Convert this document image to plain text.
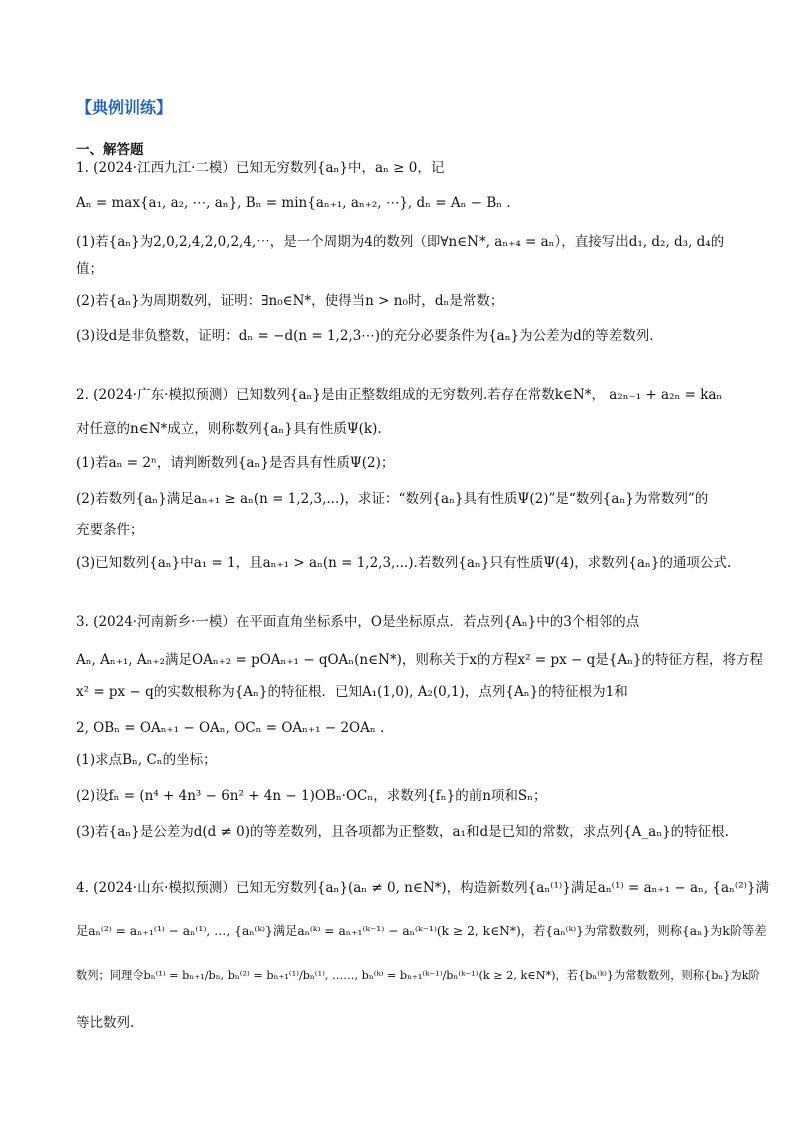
【典例训练】
一、解答题
1. (2024·江西九江·二模）已知无穷数列{aₙ}中，aₙ ≥ 0，记
Aₙ = max{a₁, a₂, ⋯, aₙ}, Bₙ = min{aₙ₊₁, aₙ₊₂, ⋯}, dₙ = Aₙ − Bₙ .
(1)若{aₙ}为2,0,2,4,2,0,2,4,⋯，是一个周期为4的数列（即∀n∈N*, aₙ₊₄ = aₙ），直接写出d₁, d₂, d₃, d₄的
值；
(2)若{aₙ}为周期数列，证明：∃n₀∈N*，使得当n > n₀时，dₙ是常数；
(3)设d是非负整数，证明：dₙ = −d(n = 1,2,3⋯)的充分必要条件为{aₙ}为公差为d的等差数列.
2. (2024·广东·模拟预测）已知数列{aₙ}是由正整数组成的无穷数列.若存在常数k∈N*， a₂ₙ₋₁ + a₂ₙ = kaₙ
对任意的n∈N*成立，则称数列{aₙ}具有性质Ψ(k).
(1)若aₙ = 2ⁿ，请判断数列{aₙ}是否具有性质Ψ(2)；
(2)若数列{aₙ}满足aₙ₊₁ ≥ aₙ(n = 1,2,3,...)，求证：“数列{aₙ}具有性质Ψ(2)”是“数列{aₙ}为常数列”的
充要条件；
(3)已知数列{aₙ}中a₁ = 1，且aₙ₊₁ > aₙ(n = 1,2,3,...).若数列{aₙ}只有性质Ψ(4)，求数列{aₙ}的通项公式.
3. (2024·河南新乡·一模）在平面直角坐标系中，O是坐标原点．若点列{Aₙ}中的3个相邻的点
Aₙ, Aₙ₊₁, Aₙ₊₂满足OAₙ₊₂ = pOAₙ₊₁ − qOAₙ(n∈N*)，则称关于x的方程x² = px − q是{Aₙ}的特征方程，将方程
x² = px − q的实数根称为{Aₙ}的特征根．已知A₁(1,0), A₂(0,1)，点列{Aₙ}的特征根为1和
2, OBₙ = OAₙ₊₁ − OAₙ, OCₙ = OAₙ₊₁ − 2OAₙ .
(1)求点Bₙ, Cₙ的坐标；
(2)设fₙ = (n⁴ + 4n³ − 6n² + 4n − 1)OBₙ·OCₙ，求数列{fₙ}的前n项和Sₙ；
(3)若{aₙ}是公差为d(d ≠ 0)的等差数列，且各项都为正整数，a₁和d是已知的常数，求点列{A_aₙ}的特征根.
4. (2024·山东·模拟预测）已知无穷数列{aₙ}(aₙ ≠ 0, n∈N*)，构造新数列{aₙ⁽¹⁾}满足aₙ⁽¹⁾ = aₙ₊₁ − aₙ, {aₙ⁽²⁾}满
足aₙ⁽²⁾ = aₙ₊₁⁽¹⁾ − aₙ⁽¹⁾, …, {aₙ⁽ᵏ⁾}满足aₙ⁽ᵏ⁾ = aₙ₊₁⁽ᵏ⁻¹⁾ − aₙ⁽ᵏ⁻¹⁾(k ≥ 2, k∈N*)，若{aₙ⁽ᵏ⁾}为常数数列，则称{aₙ}为k阶等差
数列；同理令bₙ⁽¹⁾ = bₙ₊₁/bₙ, bₙ⁽²⁾ = bₙ₊₁⁽¹⁾/bₙ⁽¹⁾, ……, bₙ⁽ᵏ⁾ = bₙ₊₁⁽ᵏ⁻¹⁾/bₙ⁽ᵏ⁻¹⁾(k ≥ 2, k∈N*)，若{bₙ⁽ᵏ⁾}为常数数列，则称{bₙ}为k阶
等比数列.
